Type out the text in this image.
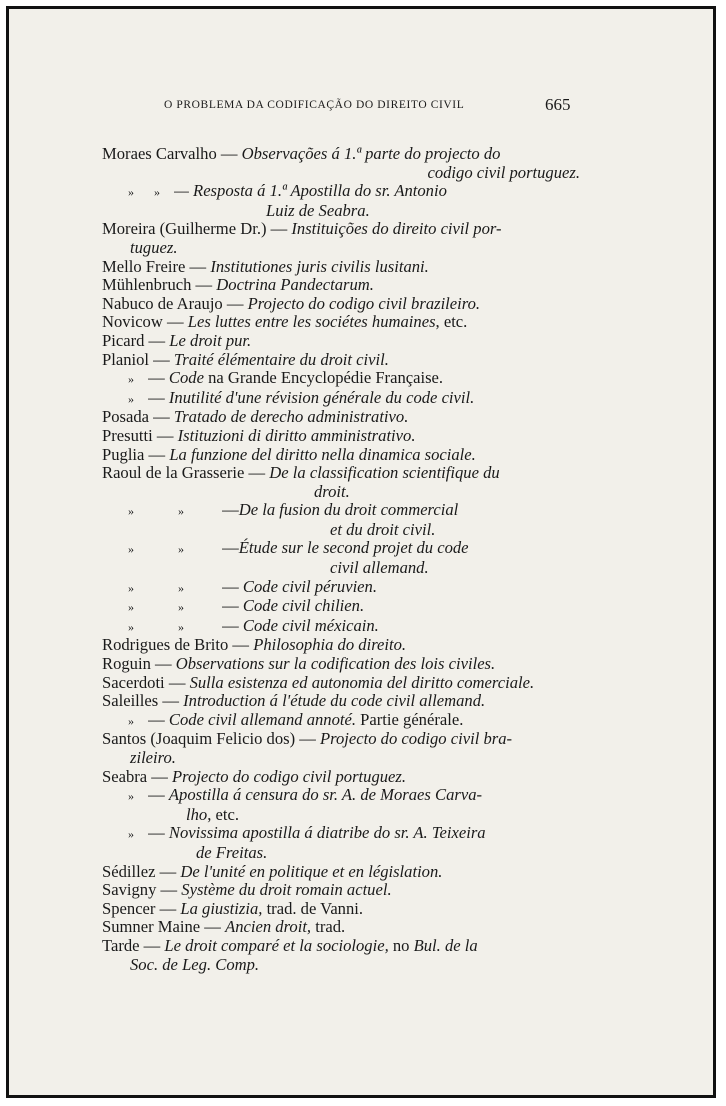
O PROBLEMA DA CODIFICAÇÃO DO DIREITO CIVIL	665
Moraes Carvalho — Observações á 1.ª parte do projecto do
codigo civil portuguez.
» » — Resposta á 1.ª Apostilla do sr. Antonio
Luiz de Seabra.
Moreira (Guilherme Dr.) — Instituições do direito civil por-
tuguez.
Mello Freire — Institutiones juris civilis lusitani.
Mühlenbruch — Doctrina Pandectarum.
Nabuco de Araujo — Projecto do codigo civil brazileiro.
Novicow — Les luttes entre les sociétes humaines, etc.
Picard — Le droit pur.
Planiol — Traité élémentaire du droit civil.
» — Code na Grande Encyclopédie Française.
» — Inutilité d'une révision générale du code civil.
Posada — Tratado de derecho administrativo.
Presutti — Istituzioni di diritto amministrativo.
Puglia — La funzione del diritto nella dinamica sociale.
Raoul de la Grasserie — De la classification scientifique du
droit.
»	» —De la fusion du droit commercial
et du droit civil.
»	» —Étude sur le second projet du code
civil allemand.
»	» — Code civil péruvien.
»	» — Code civil chilien.
»	» — Code civil méxicain.
Rodrigues de Brito — Philosophia do direito.
Roguin — Observations sur la codification des lois civiles.
Sacerdoti — Sulla esistenza ed autonomia del diritto comerciale.
Saleilles — Introduction á l'étude du code civil allemand.
» — Code civil allemand annoté. Partie générale.
Santos (Joaquim Felicio dos) — Projecto do codigo civil bra-
zileiro.
Seabra — Projecto do codigo civil portuguez.
» — Apostilla á censura do sr. A. de Moraes Carva-
lho, etc.
» — Novissima apostilla á diatribe do sr. A. Teixeira
de Freitas.
Sédillez — De l'unité en politique et en législation.
Savigny — Système du droit romain actuel.
Spencer — La giustizia, trad. de Vanni.
Sumner Maine — Ancien droit, trad.
Tarde — Le droit comparé et la sociologie, no Bul. de la
Soc. de Leg. Comp.
